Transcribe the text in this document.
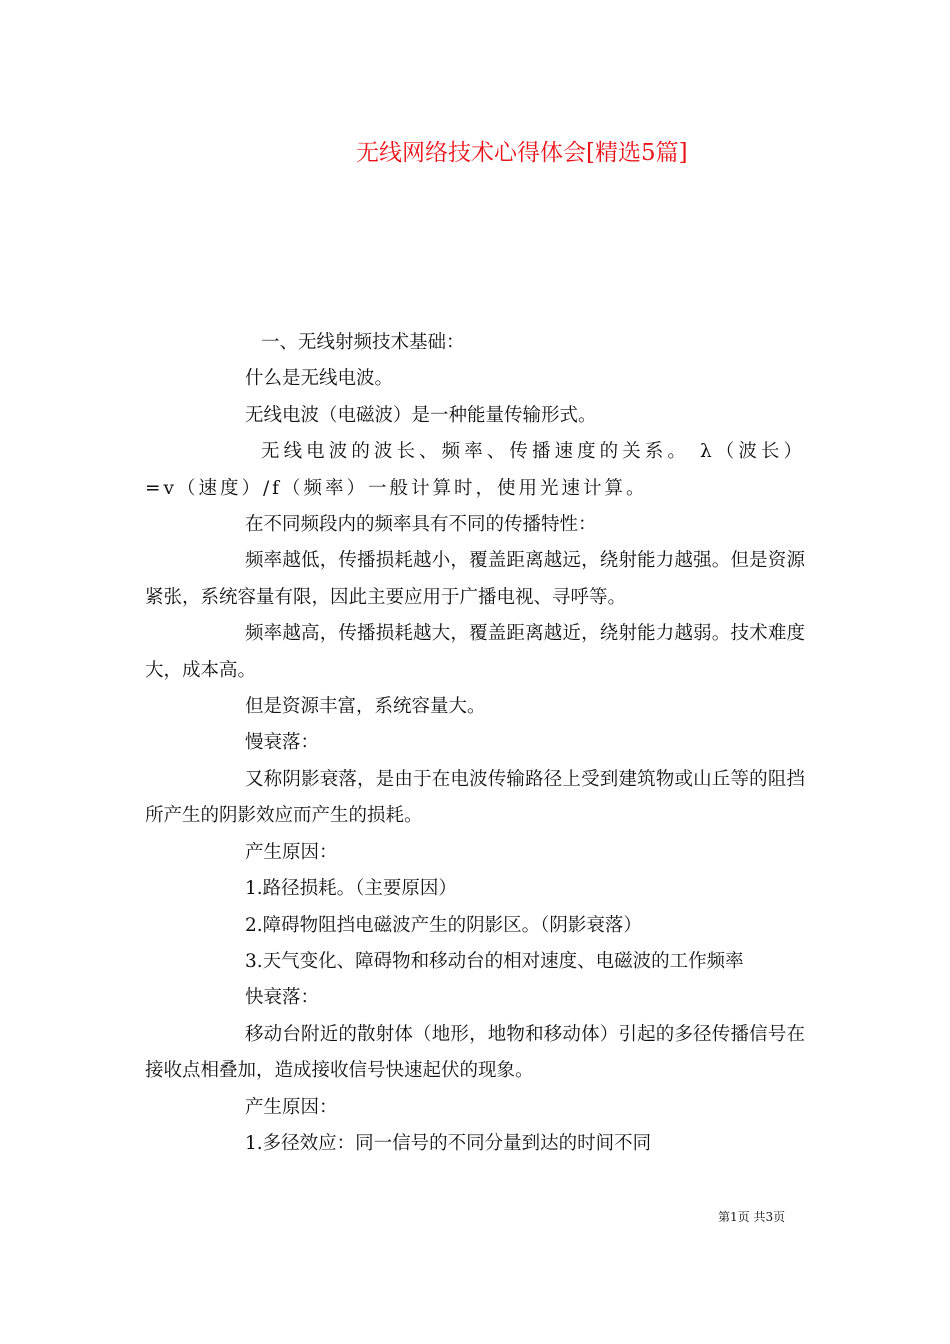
无线网络技术心得体会[精选5篇]

一、无线射频技术基础：

什么是无线电波。

无线电波（电磁波）是一种能量传输形式。

无线电波的波长、频率、传播速度的关系。 λ（波长）=v（速度）/f（频率）一般计算时，使用光速计算。

在不同频段内的频率具有不同的传播特性：

频率越低，传播损耗越小，覆盖距离越远，绕射能力越强。但是资源紧张，系统容量有限，因此主要应用于广播电视、寻呼等。

频率越高，传播损耗越大，覆盖距离越近，绕射能力越弱。技术难度大，成本高。

但是资源丰富，系统容量大。

慢衰落：

又称阴影衰落，是由于在电波传输路径上受到建筑物或山丘等的阻挡所产生的阴影效应而产生的损耗。

产生原因：

1.路径损耗。（主要原因）

2.障碍物阻挡电磁波产生的阴影区。（阴影衰落）

3.天气变化、障碍物和移动台的相对速度、电磁波的工作频率

快衰落：

移动台附近的散射体（地形，地物和移动体）引起的多径传播信号在接收点相叠加，造成接收信号快速起伏的现象。

产生原因：

1.多径效应：同一信号的不同分量到达的时间不同

第1页 共3页
